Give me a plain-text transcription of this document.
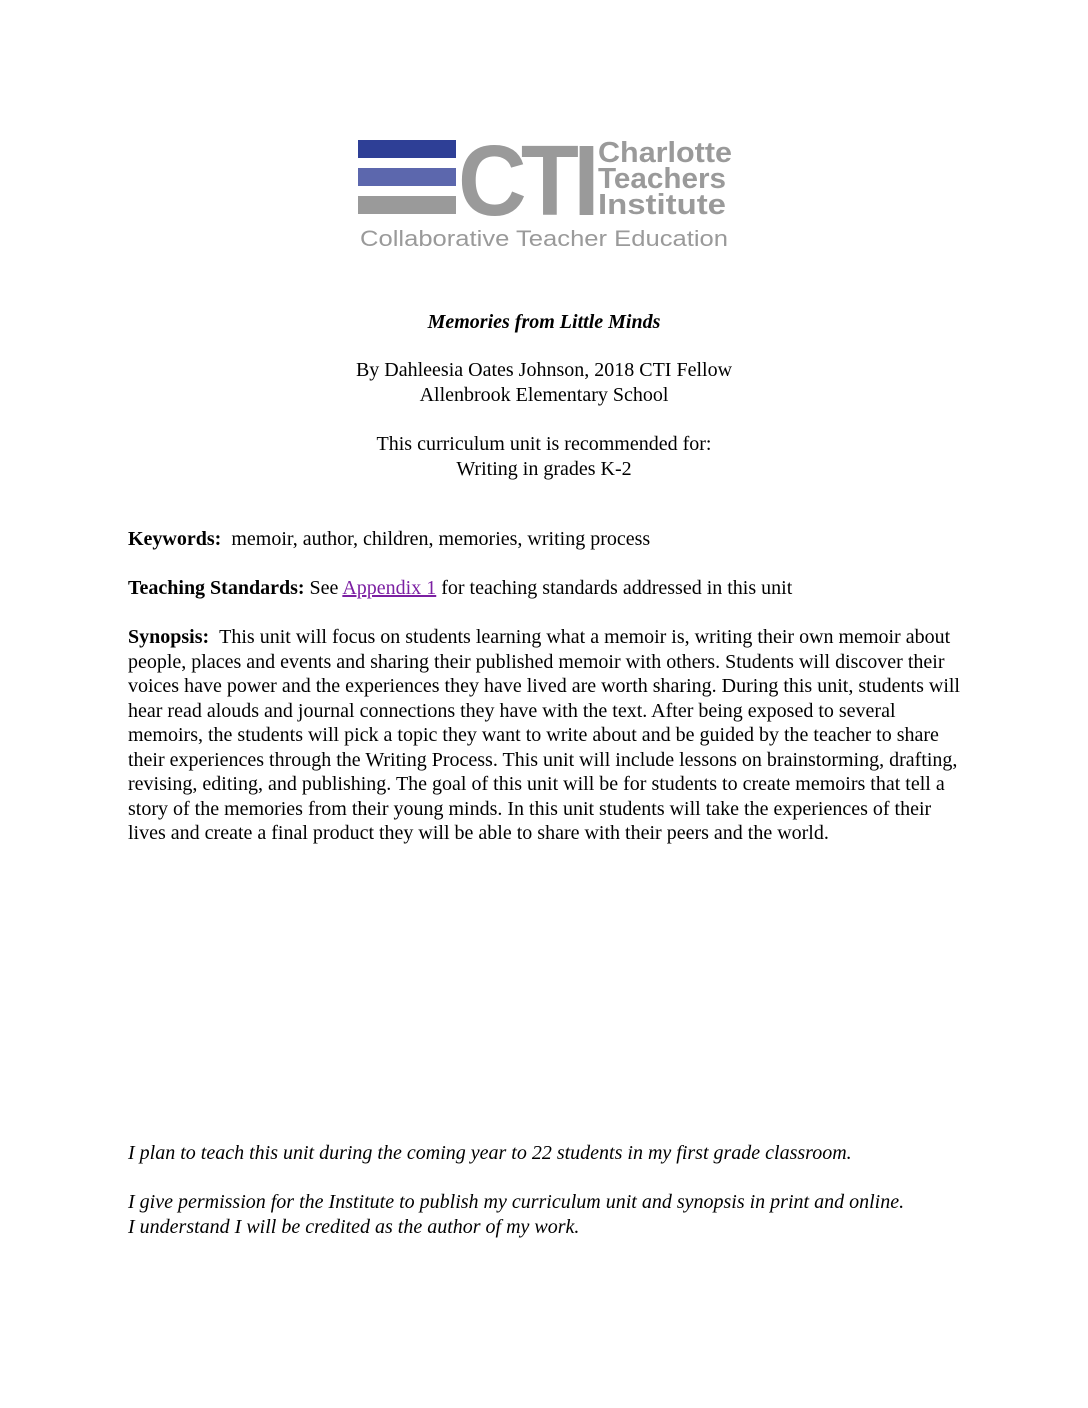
CTI Charlotte
Teachers
Institute
Collaborative Teacher Education
Memories from Little Minds
By Dahleesia Oates Johnson, 2018 CTI Fellow
Allenbrook Elementary School
This curriculum unit is recommended for:
Writing in grades K-2
Keywords: memoir, author, children, memories, writing process
Teaching Standards: See Appendix 1 for teaching standards addressed in this unit
Synopsis: This unit will focus on students learning what a memoir is, writing their own memoir about people, places and events and sharing their published memoir with others. Students will discover their voices have power and the experiences they have lived are worth sharing. During this unit, students will hear read alouds and journal connections they have with the text. After being exposed to several memoirs, the students will pick a topic they want to write about and be guided by the teacher to share their experiences through the Writing Process. This unit will include lessons on brainstorming, drafting, revising, editing, and publishing. The goal of this unit will be for students to create memoirs that tell a story of the memories from their young minds. In this unit students will take the experiences of their lives and create a final product they will be able to share with their peers and the world.
I plan to teach this unit during the coming year to 22 students in my first grade classroom.
I give permission for the Institute to publish my curriculum unit and synopsis in print and online.
I understand I will be credited as the author of my work.
